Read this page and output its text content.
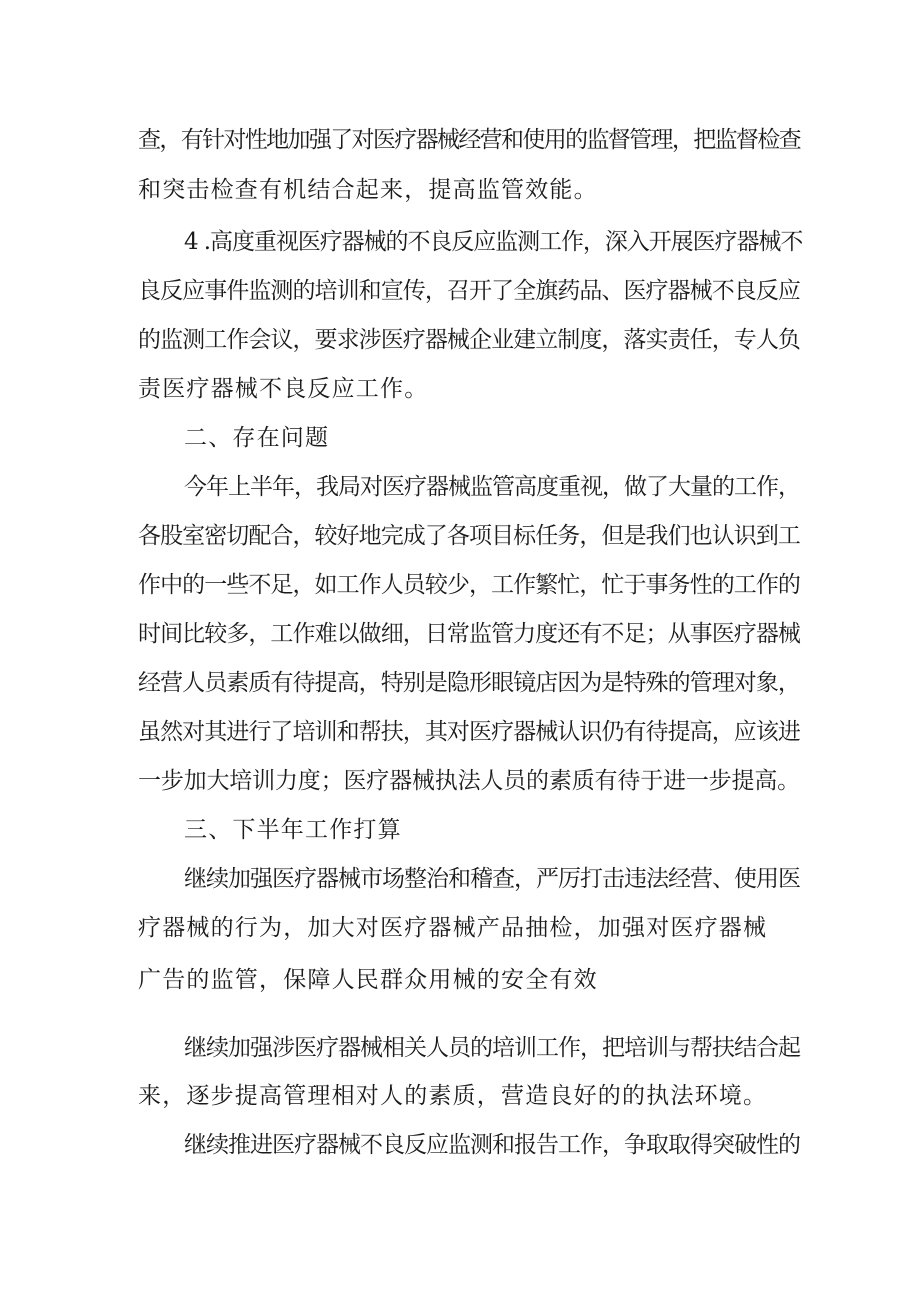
查，有针对性地加强了对医疗器械经营和使用的监督管理，把监督检查
和突击检查有机结合起来，提高监管效能。
4 .高度重视医疗器械的不良反应监测工作，深入开展医疗器械不
良反应事件监测的培训和宣传，召开了全旗药品、医疗器械不良反应
的监测工作会议，要求涉医疗器械企业建立制度，落实责任，专人负
责医疗器械不良反应工作。
二、存在问题
今年上半年，我局对医疗器械监管高度重视，做了大量的工作，
各股室密切配合，较好地完成了各项目标任务，但是我们也认识到工
作中的一些不足，如工作人员较少，工作繁忙，忙于事务性的工作的
时间比较多，工作难以做细，日常监管力度还有不足；从事医疗器械
经营人员素质有待提高，特别是隐形眼镜店因为是特殊的管理对象，
虽然对其进行了培训和帮扶，其对医疗器械认识仍有待提高，应该进
一步加大培训力度；医疗器械执法人员的素质有待于进一步提高。
三、下半年工作打算
继续加强医疗器械市场整治和稽查，严厉打击违法经营、使用医
疗器械的行为，加大对医疗器械产品抽检，加强对医疗器械
广告的监管，保障人民群众用械的安全有效
继续加强涉医疗器械相关人员的培训工作，把培训与帮扶结合起
来，逐步提高管理相对人的素质，营造良好的的执法环境。
继续推进医疗器械不良反应监测和报告工作，争取取得突破性的
